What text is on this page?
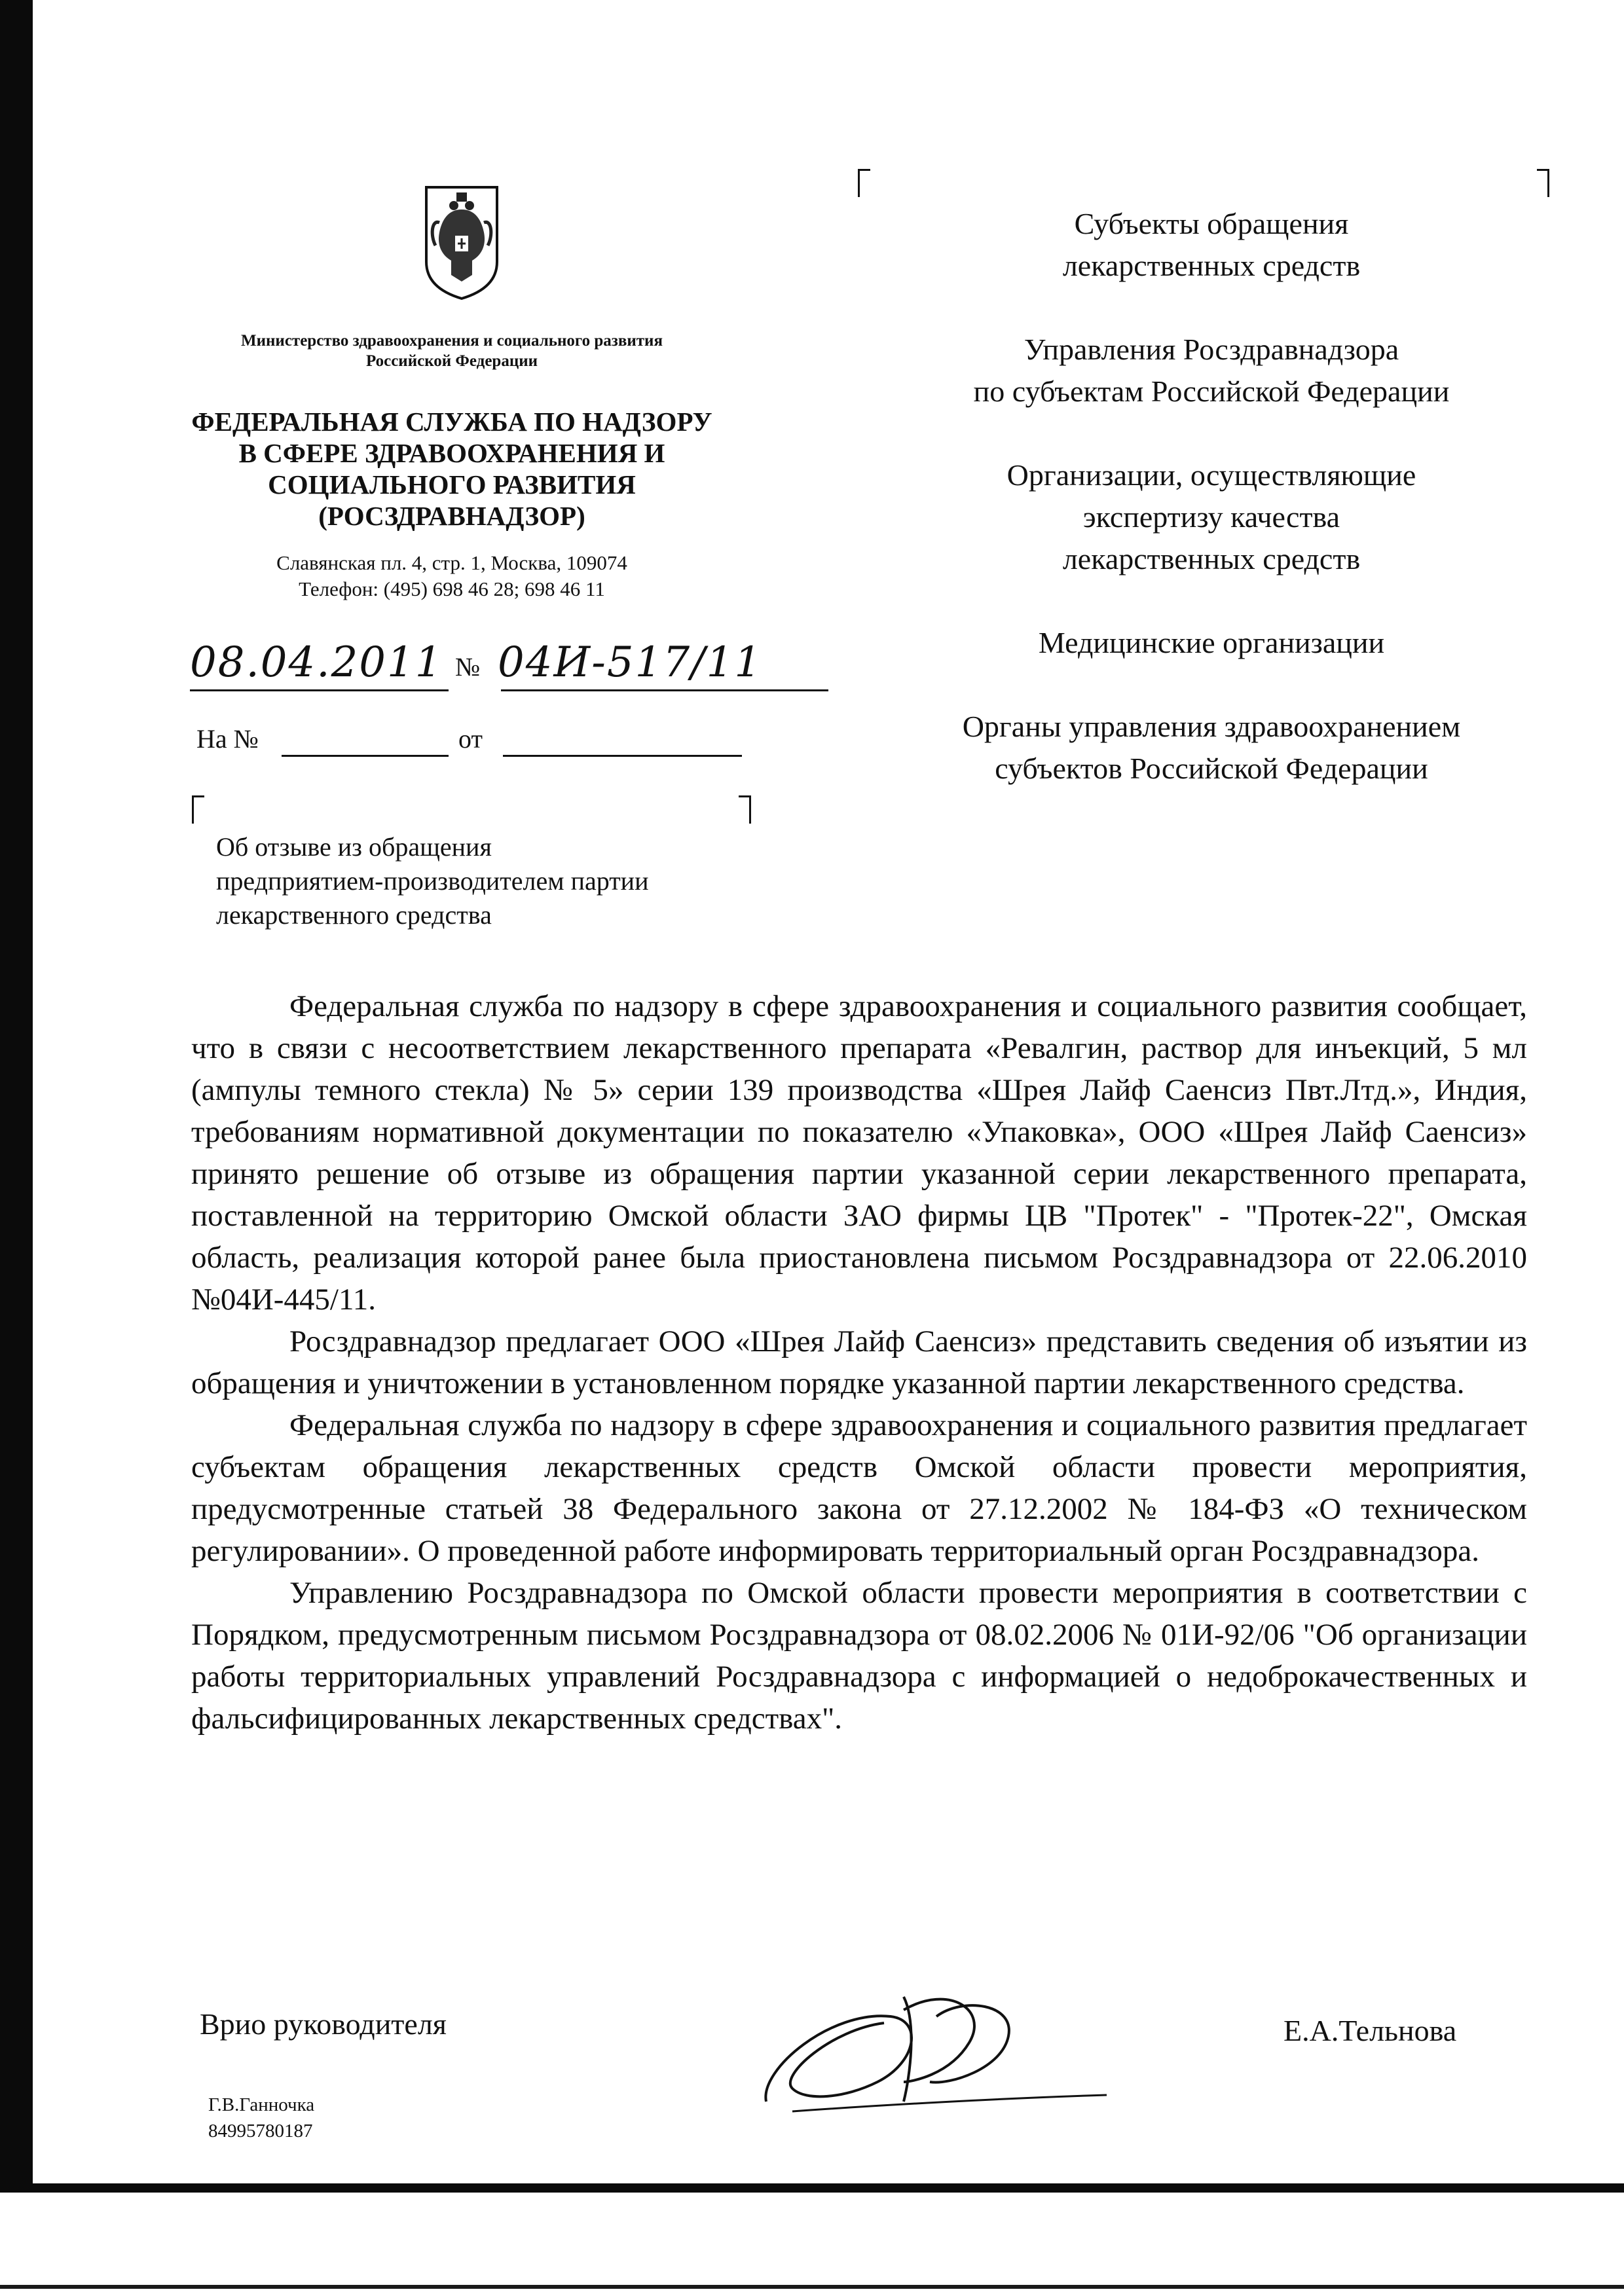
Министерство здравоохранения и социального развития Российской Федерации
ФЕДЕРАЛЬНАЯ СЛУЖБА ПО НАДЗОРУ
В СФЕРЕ ЗДРАВООХРАНЕНИЯ И
СОЦИАЛЬНОГО РАЗВИТИЯ
(РОСЗДРАВНАДЗОР)
Славянская пл. 4, стр. 1, Москва, 109074
Телефон: (495) 698 46 28; 698 46 11
08.04.2011 № 04И-517/11
На №	от
Об отзыве из обращения
предприятием-производителем партии
лекарственного средства
Субъекты обращения
лекарственных средств
Управления Росздравнадзора
по субъектам Российской Федерации
Организации, осуществляющие
экспертизу качества
лекарственных средств
Медицинские организации
Органы управления здравоохранением
субъектов Российской Федерации

Федеральная служба по надзору в сфере здравоохранения и социального развития сообщает, что в связи с несоответствием лекарственного препарата «Ревалгин, раствор для инъекций, 5 мл (ампулы темного стекла) № 5» серии 139 производства «Шрея Лайф Саенсиз Пвт.Лтд.», Индия, требованиям нормативной документации по показателю «Упаковка», ООО «Шрея Лайф Саенсиз» принято решение об отзыве из обращения партии указанной серии лекарственного препарата, поставленной на территорию Омской области ЗАО фирмы ЦВ "Протек" - "Протек-22", Омская область, реализация которой ранее была приостановлена письмом Росздравнадзора от 22.06.2010 №04И-445/11.

Росздравнадзор предлагает ООО «Шрея Лайф Саенсиз» представить сведения об изъятии из обращения и уничтожении в установленном порядке указанной партии лекарственного средства.

Федеральная служба по надзору в сфере здравоохранения и социального развития предлагает субъектам обращения лекарственных средств Омской области провести мероприятия, предусмотренные статьей 38 Федерального закона от 27.12.2002 № 184-ФЗ «О техническом регулировании». О проведенной работе информировать территориальный орган Росздравнадзора.

Управлению Росздравнадзора по Омской области провести мероприятия в соответствии с Порядком, предусмотренным письмом Росздравнадзора от 08.02.2006 № 01И-92/06 "Об организации работы территориальных управлений Росздравнадзора с информацией о недоброкачественных и фальсифицированных лекарственных средствах".

Врио руководителя	Е.А.Тельнова
Г.В.Ганночка
84995780187
